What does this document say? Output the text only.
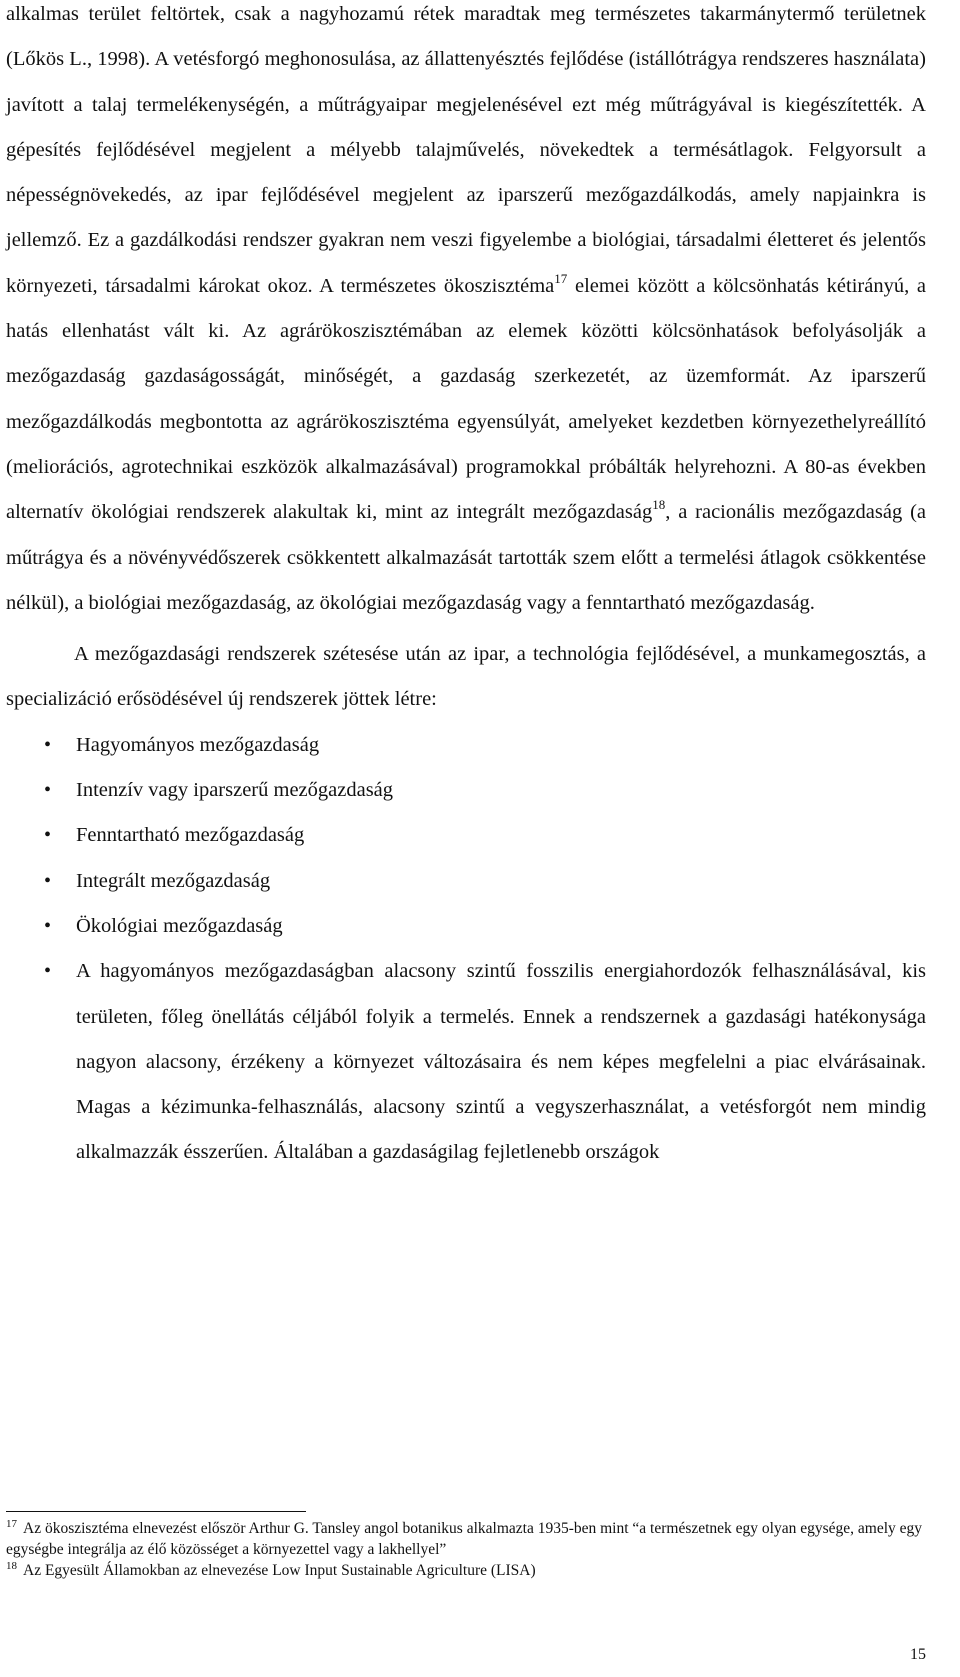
alkalmas terület feltörtek, csak a nagyhozamú rétek maradtak meg természetes takarmánytermő területnek (Lőkös L., 1998). A vetésforgó meghonosulása, az állattenyésztés fejlődése (istállótrágya rendszeres használata) javított a talaj termelékenységén, a műtrágyaipar megjelenésével ezt még műtrágyával is kiegészítették. A gépesítés fejlődésével megjelent a mélyebb talajművelés, növekedtek a termésátlagok. Felgyorsult a népességnövekedés, az ipar fejlődésével megjelent az iparszerű mezőgazdálkodás, amely napjainkra is jellemző. Ez a gazdálkodási rendszer gyakran nem veszi figyelembe a biológiai, társadalmi életteret és jelentős környezeti, társadalmi károkat okoz. A természetes ökoszisztéma$^{17}$ elemei között a kölcsönhatás kétirányú, a hatás ellenhatást vált ki. Az agrárökoszisztémában az elemek közötti kölcsönhatások befolyásolják a mezőgazdaság gazdaságosságát, minőségét, a gazdaság szerkezetét, az üzemformát. Az iparszerű mezőgazdálkodás megbontotta az agrárökoszisztéma egyensúlyát, amelyeket kezdetben környezethelyreállító (meliorációs, agrotechnikai eszközök alkalmazásával) programokkal próbálták helyrehozni. A 80-as években alternatív ökológiai rendszerek alakultak ki, mint az integrált mezőgazdaság$^{18}$, a racionális mezőgazdaság (a műtrágya és a növényvédőszerek csökkentett alkalmazását tartották szem előtt a termelési átlagok csökkentése nélkül), a biológiai mezőgazdaság, az ökológiai mezőgazdaság vagy a fenntartható mezőgazdaság.

A mezőgazdasági rendszerek szétesése után az ipar, a technológia fejlődésével, a munkamegosztás, a specializáció erősödésével új rendszerek jöttek létre:

• Hagyományos mezőgazdaság
• Intenzív vagy iparszerű mezőgazdaság
• Fenntartható mezőgazdaság
• Integrált mezőgazdaság
• Ökológiai mezőgazdaság
• A hagyományos mezőgazdaságban alacsony szintű fosszilis energiahordozók felhasználásával, kis területen, főleg önellátás céljából folyik a termelés. Ennek a rendszernek a gazdasági hatékonysága nagyon alacsony, érzékeny a környezet változásaira és nem képes megfelelni a piac elvárásainak. Magas a kézimunka-felhasználás, alacsony szintű a vegyszerhasználat, a vetésforgót nem mindig alkalmazzák ésszerűen. Általában a gazdaságilag fejletlenebb országok

$^{17}$ Az ökoszisztéma elnevezést először Arthur G. Tansley angol botanikus alkalmazta 1935-ben mint “a természetnek egy olyan egysége, amely egy egységbe integrálja az élő közösséget a környezettel vagy a lakhellyel”

$^{18}$ Az Egyesült Államokban az elnevezése Low Input Sustainable Agriculture (LISA)

15
